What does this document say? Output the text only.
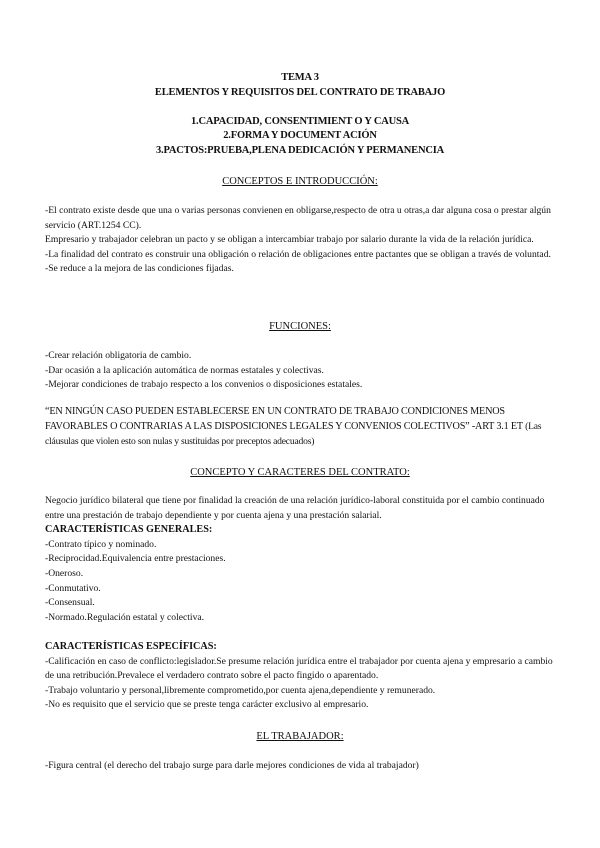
TEMA 3
ELEMENTOS Y REQUISITOS DEL CONTRATO DE TRABAJO
1.CAPACIDAD, CONSENTIMIENT O Y CAUSA
2.FORMA Y DOCUMENT ACIÓN
3.PACTOS:PRUEBA,PLENA DEDICACIÓN Y PERMANENCIA
CONCEPTOS E INTRODUCCIÓN:

-El contrato existe desde que una o varias personas convienen en obligarse,respecto de otra u otras,a dar alguna cosa o prestar algún servicio (ART.1254 CC).

Empresario y trabajador celebran un pacto y se obligan a intercambiar trabajo por salario durante la vida de la relación jurídica.

-La finalidad del contrato es construir una obligación o relación de obligaciones entre pactantes que se obligan a través de voluntad.

-Se reduce a la mejora de las condiciones fijadas.

FUNCIONES:

-Crear relación obligatoria de cambio.

-Dar ocasión a la aplicación automática de normas estatales y colectivas.

-Mejorar condiciones de trabajo respecto a los convenios o disposiciones estatales.

“EN NINGÚN CASO PUEDEN ESTABLECERSE EN UN CONTRATO DE TRABAJO CONDICIONES MENOS FAVORABLES O CONTRARIAS A LAS DISPOSICIONES LEGALES Y CONVENIOS COLECTIVOS” -ART 3.1 ET (Las cláusulas que violen esto son nulas y sustituidas por preceptos adecuados)
CONCEPTO Y CARACTERES DEL CONTRATO:

Negocio jurídico bilateral que tiene por finalidad la creación de una relación jurídico-laboral constituida por el cambio continuado entre una prestación de trabajo dependiente y por cuenta ajena y una prestación salarial.

CARACTERÍSTICAS GENERALES:

-Contrato típico y nominado.

-Reciprocidad.Equivalencia entre prestaciones.

-Oneroso.

-Conmutativo.

-Consensual.

-Normado.Regulación estatal y colectiva.

CARACTERÍSTICAS ESPECÍFICAS:

-Calificación en caso de conflicto:legislador.Se presume relación jurídica entre el trabajador por cuenta ajena y empresario a cambio de una retribución.Prevalece el verdadero contrato sobre el pacto fingido o aparentado.

-Trabajo voluntario y personal,libremente comprometido,por cuenta ajena,dependiente y remunerado.

-No es requisito que el servicio que se preste tenga carácter exclusivo al empresario.

EL TRABAJADOR:

-Figura central (el derecho del trabajo surge para darle mejores condiciones de vida al trabajador)
